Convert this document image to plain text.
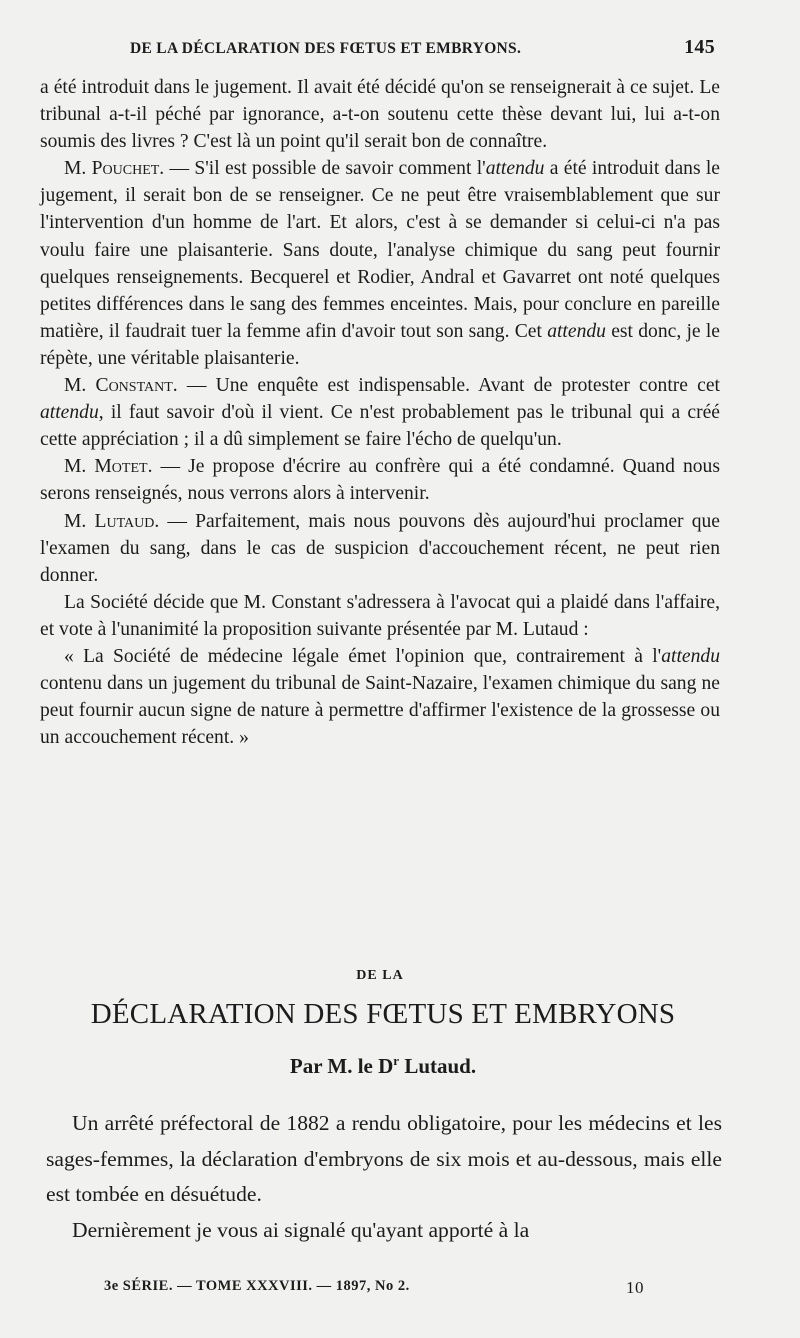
DE LA DÉCLARATION DES FŒTUS ET EMBRYONS.	145

a été introduit dans le jugement. Il avait été décidé qu'on se renseignerait à ce sujet. Le tribunal a-t-il péché par ignorance, a-t-on soutenu cette thèse devant lui, lui a-t-on soumis des livres ? C'est là un point qu'il serait bon de connaître.

M. Pouchet. — S'il est possible de savoir comment l'attendu a été introduit dans le jugement, il serait bon de se renseigner. Ce ne peut être vraisemblablement que sur l'intervention d'un homme de l'art. Et alors, c'est à se demander si celui-ci n'a pas voulu faire une plaisanterie. Sans doute, l'analyse chimique du sang peut fournir quelques renseignements. Becquerel et Rodier, Andral et Gavarret ont noté quelques petites différences dans le sang des femmes enceintes. Mais, pour conclure en pareille matière, il faudrait tuer la femme afin d'avoir tout son sang. Cet attendu est donc, je le répète, une véritable plaisanterie.

M. Constant. — Une enquête est indispensable. Avant de protester contre cet attendu, il faut savoir d'où il vient. Ce n'est probablement pas le tribunal qui a créé cette appréciation ; il a dû simplement se faire l'écho de quelqu'un.

M. Motet. — Je propose d'écrire au confrère qui a été condamné. Quand nous serons renseignés, nous verrons alors à intervenir.

M. Lutaud. — Parfaitement, mais nous pouvons dès aujourd'hui proclamer que l'examen du sang, dans le cas de suspicion d'accouchement récent, ne peut rien donner.

La Société décide que M. Constant s'adressera à l'avocat qui a plaidé dans l'affaire, et vote à l'unanimité la proposition suivante présentée par M. Lutaud :

« La Société de médecine légale émet l'opinion que, contrairement à l'attendu contenu dans un jugement du tribunal de Saint-Nazaire, l'examen chimique du sang ne peut fournir aucun signe de nature à permettre d'affirmer l'existence de la grossesse ou un accouchement récent. »

DE LA
DÉCLARATION DES FŒTUS ET EMBRYONS
Par M. le $D^r$ Lutaud.

Un arrêté préfectoral de 1882 a rendu obligatoire, pour les médecins et les sages-femmes, la déclaration d'embryons de six mois et au-dessous, mais elle est tombée en désuétude.

Dernièrement je vous ai signalé qu'ayant apporté à la

3e SÉRIE. — TOME XXXVIII. — 1897, No 2.	10
